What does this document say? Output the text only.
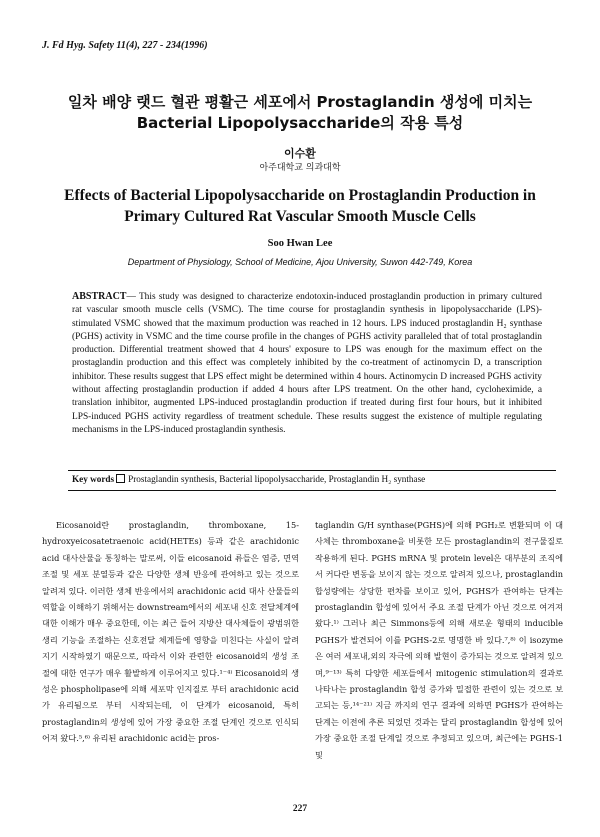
J. Fd Hyg. Safety 11(4), 227 - 234(1996)
일차 배양 랫드 혈관 평활근 세포에서 Prostaglandin 생성에 미치는
Bacterial Lipopolysaccharide의 작용 특성
이수환
아주대학교 의과대학
Effects of Bacterial Lipopolysaccharide on Prostaglandin Production in
Primary Cultured Rat Vascular Smooth Muscle Cells
Soo Hwan Lee
Department of Physiology, School of Medicine, Ajou University, Suwon 442-749, Korea
ABSTRACT— This study was designed to characterize endotoxin-induced prostaglandin production in primary cultured rat vascular smooth muscle cells (VSMC). The time course for prostaglandin synthesis in lipopolysaccharide (LPS)-stimulated VSMC showed that the maximum production was reached in 12 hours. LPS induced prostaglandin H₂ synthase (PGHS) activity in VSMC and the time course profile in the changes of PGHS activity paralleled that of total prostaglandin production. Differential treatment showed that 4 hours' exposure to LPS was enough for the maximum effect on the prostaglandin production and this effect was completely inhibited by the co-treatment of actinomycin D, a transcription inhibitor. These results suggest that LPS effect might be determined within 4 hours. Actinomycin D increased PGHS activity without affecting prostaglandin production if added 4 hours after LPS treatment. On the other hand, cycloheximide, a translation inhibitor, augmented LPS-induced prostaglandin production if treated during first four hours, but it inhibited LPS-induced PGHS activity regardless of treatment schedule. These results suggest the existence of multiple regulating mechanisms in the LPS-induced prostaglandin synthesis.
Key words Prostaglandin synthesis, Bacterial lipopolysaccharide, Prostaglandin H₂ synthase

Eicosanoid란 prostaglandin, thromboxane, 15-hydroxyeicosatetraenoic acid(HETEs) 등과 같은 arachidonic acid 대사산물을 통칭하는 말로써, 이들 eicosanoid 류들은 염증, 면역조절 및 세포 분열등과 같은 다양한 생체 반응에 관여하고 있는 것으로 알려져 있다. 이러한 생체 반응에서의 arachidonic acid 대사 산물들의 역할을 이해하기 위해서는 downstream에서의 세포내 신호 전달체계에 대한 이해가 매우 중요한데, 이는 최근 들어 지방산 대사체들이 광범위한 생리 기능을 조절하는 신호전달 체계들에 영향을 미친다는 사실이 알려지기 시작하였기 때문으로, 따라서 이와 관련한 eicosanoid의 생성 조절에 대한 연구가 매우 활발하게 이루어지고 있다.¹⁻⁴⁾ Eicosanoid의 생성은 phospholipase에 의해 세포막 인지질로 부터 arachidonic acid가 유리됨으로 부터 시작되는데, 이 단계가 eicosanoid, 특히 prostaglandin의 생성에 있어 가장 중요한 조절 단계인 것으로 인식되어져 왔다.⁵,⁶⁾ 유리된 arachidonic acid는 pros-

taglandin G/H synthase(PGHS)에 의해 PGH₂로 변환되며 이 대사체는 thromboxane을 비롯한 모든 prostaglandin의 전구물질로 작용하게 된다. PGHS mRNA 및 protein level은 대부분의 조직에서 커다란 변동을 보이지 않는 것으로 알려져 있으나, prostaglandin 합성량에는 상당한 편차를 보이고 있어, PGHS가 관여하는 단계는 prostaglandin 합성에 있어서 주요 조절 단계가 아닌 것으로 여겨져 왔다.¹⁾ 그러나 최근 Simmons등에 의해 새로운 형태의 inducible PGHS가 발견되어 이를 PGHS-2로 명명한 바 있다.⁷,⁸⁾ 이 isozyme은 여러 세포내,외의 자극에 의해 발현이 증가되는 것으로 알려져 있으며,⁹⁻¹³⁾ 특히 다양한 세포들에서 mitogenic stimulation의 결과로 나타나는 prostaglandin 합성 증가와 밀접한 관련이 있는 것으로 보고되는 등,¹⁴⁻²¹⁾ 지금 까지의 연구 결과에 의하면 PGHS가 관여하는 단계는 이전에 추론 되었던 것과는 달리 prostaglandin 합성에 있어 가장 중요한 조절 단계일 것으로 추정되고 있으며, 최근에는 PGHS-1 및

227
